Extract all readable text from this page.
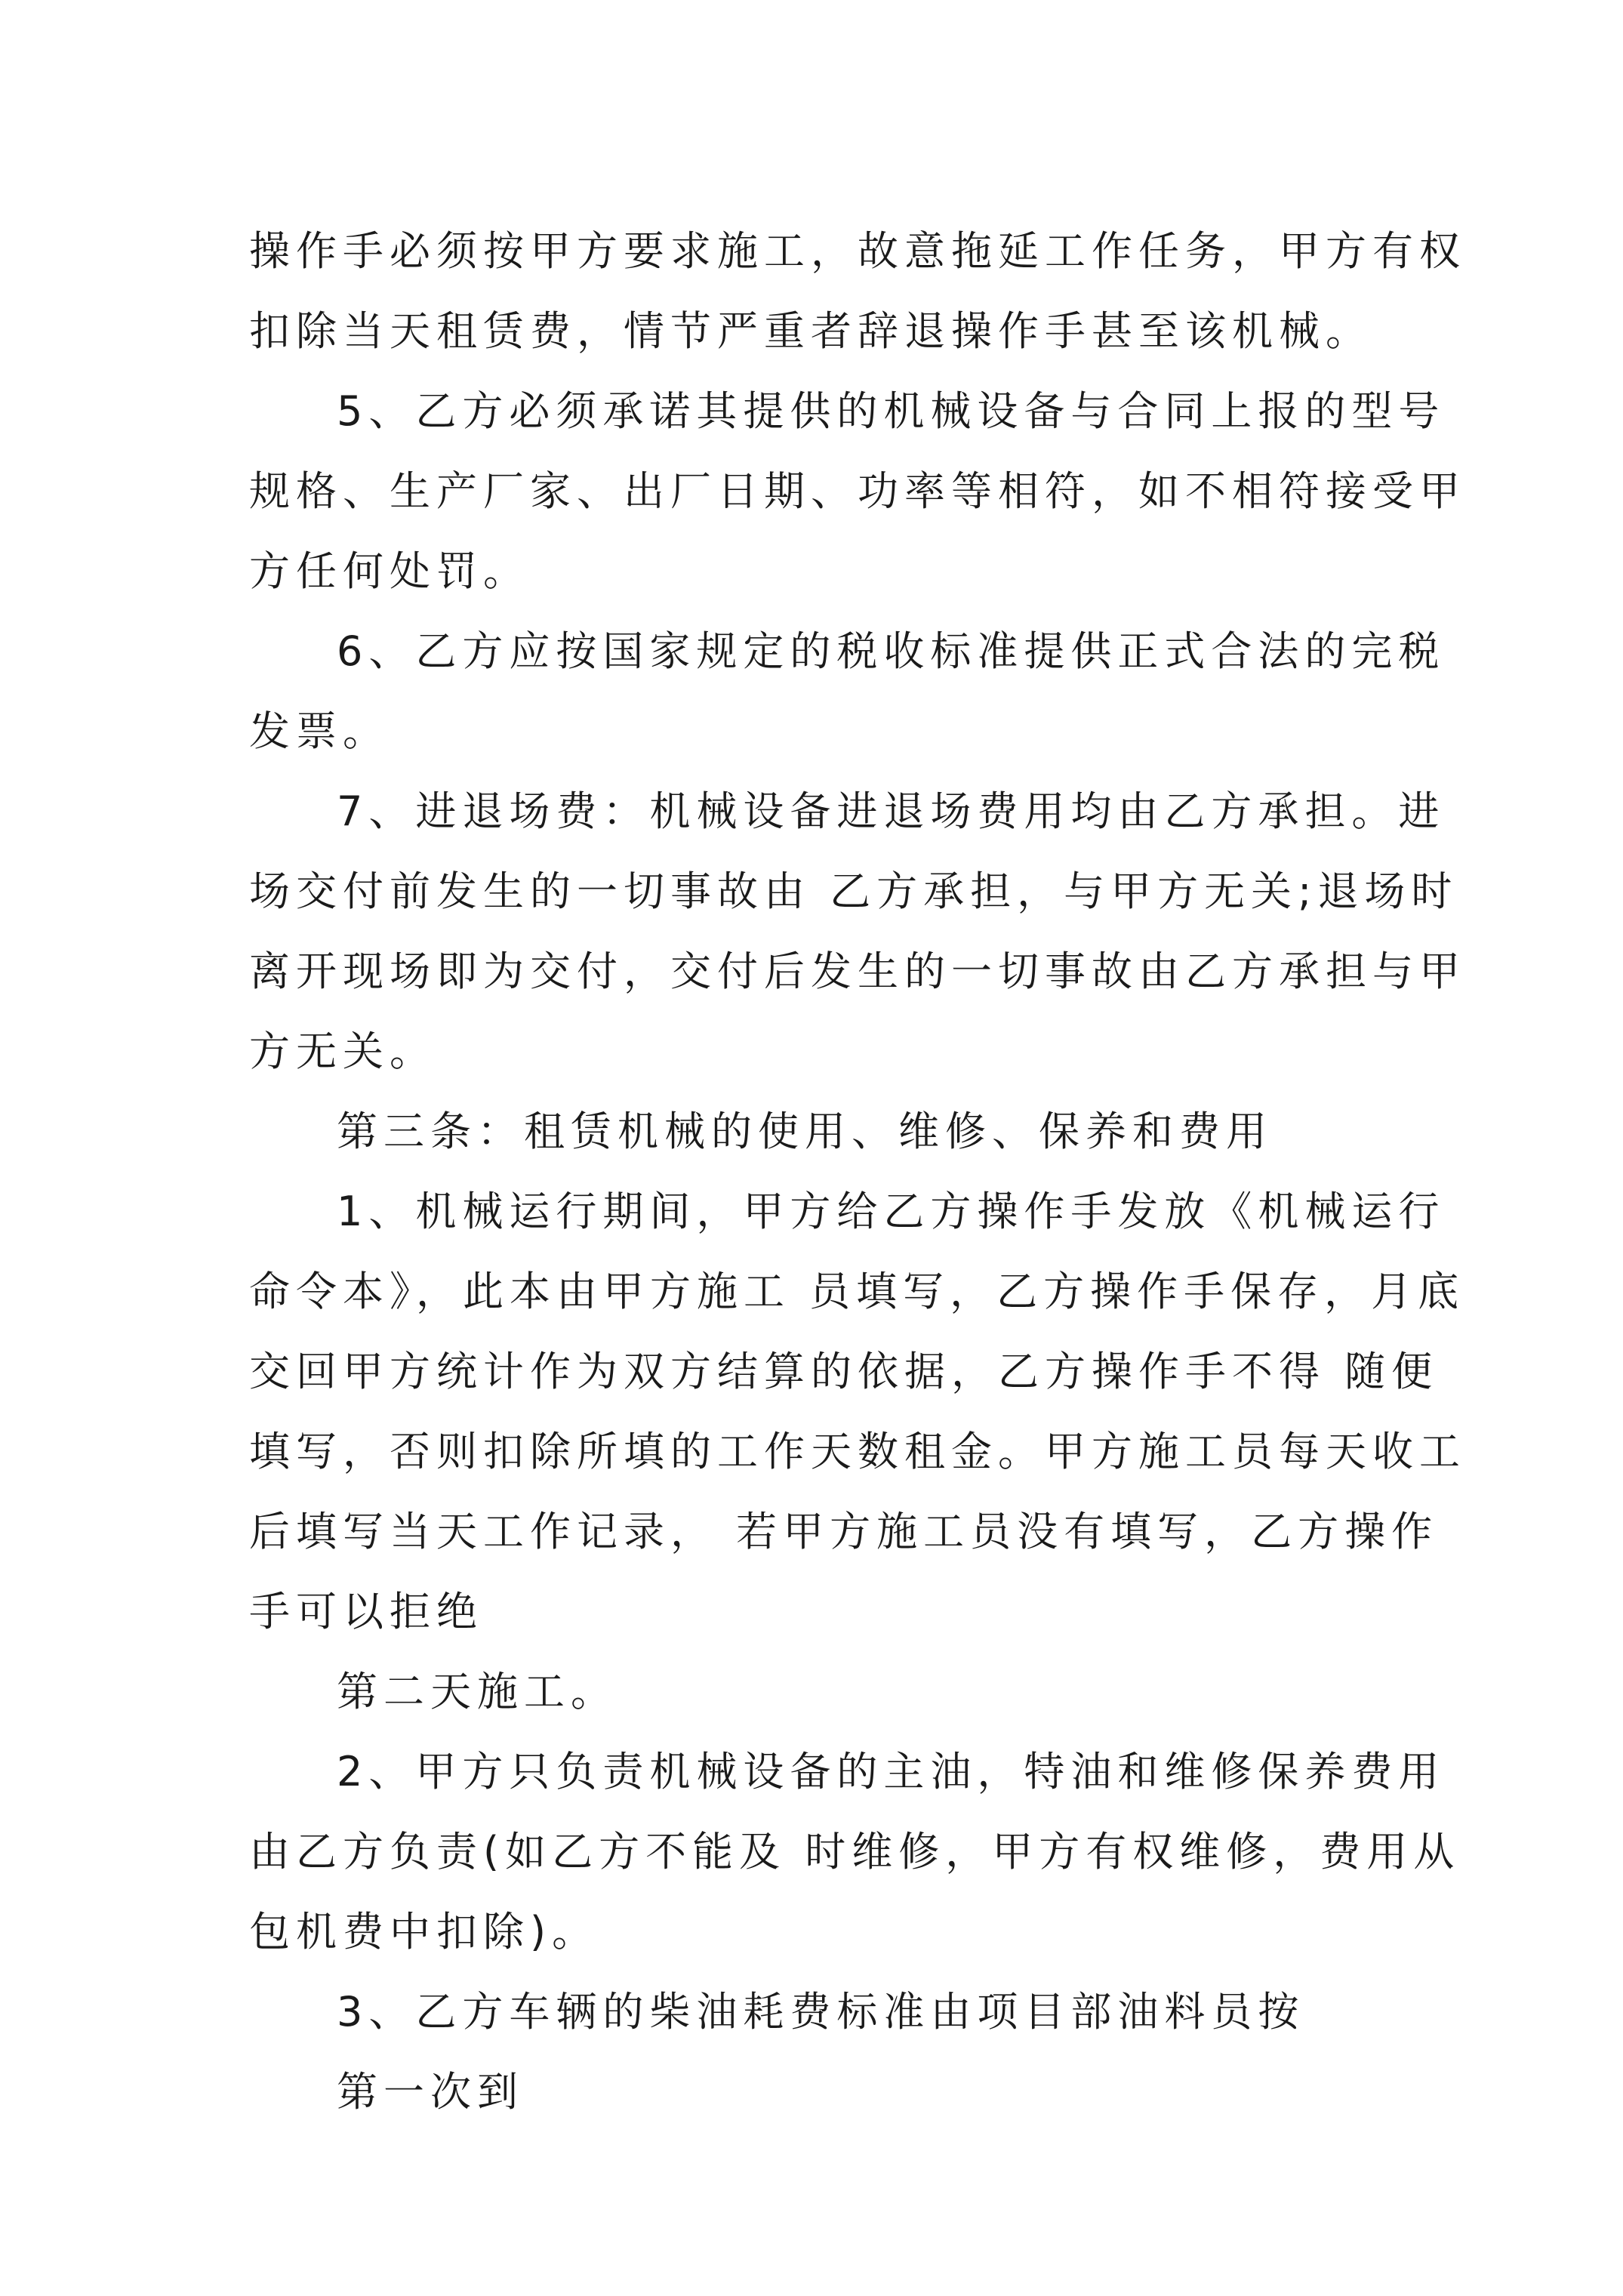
操作手必须按甲方要求施工，故意拖延工作任务，甲方有权
扣除当天租赁费，情节严重者辞退操作手甚至该机械。
5、乙方必须承诺其提供的机械设备与合同上报的型号
规格、生产厂家、出厂日期、功率等相符，如不相符接受甲
方任何处罚。
6、乙方应按国家规定的税收标准提供正式合法的完税
发票。
7、进退场费：机械设备进退场费用均由乙方承担。进
场交付前发生的一切事故由 乙方承担，与甲方无关;退场时
离开现场即为交付，交付后发生的一切事故由乙方承担与甲
方无关。
第三条：租赁机械的使用、维修、保养和费用
1、机械运行期间，甲方给乙方操作手发放《机械运行
命令本》，此本由甲方施工 员填写，乙方操作手保存，月底
交回甲方统计作为双方结算的依据，乙方操作手不得 随便
填写，否则扣除所填的工作天数租金。甲方施工员每天收工
后填写当天工作记录， 若甲方施工员没有填写，乙方操作
手可以拒绝
第二天施工。
2、甲方只负责机械设备的主油，特油和维修保养费用
由乙方负责(如乙方不能及 时维修，甲方有权维修，费用从
包机费中扣除)。
3、乙方车辆的柴油耗费标准由项目部油料员按
第一次到
